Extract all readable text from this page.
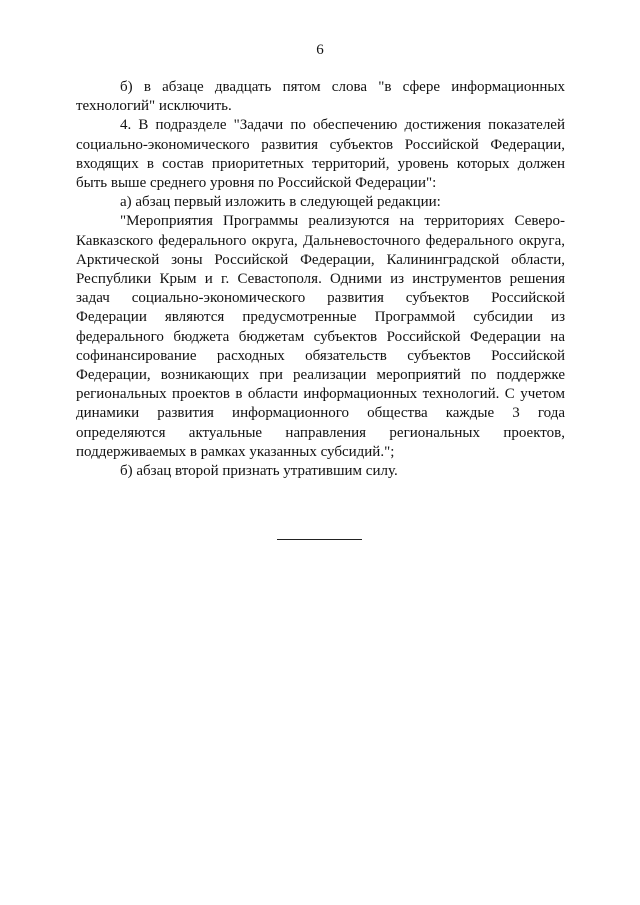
6

б) в абзаце двадцать пятом слова "в сфере информационных технологий" исключить.

4. В подразделе "Задачи по обеспечению достижения показателей социально-экономического развития субъектов Российской Федерации, входящих в состав приоритетных территорий, уровень которых должен быть выше среднего уровня по Российской Федерации":

а) абзац первый изложить в следующей редакции:

"Мероприятия Программы реализуются на территориях Северо-Кавказского федерального округа, Дальневосточного федерального округа, Арктической зоны Российской Федерации, Калининградской области, Республики Крым и г. Севастополя. Одними из инструментов решения задач социально-экономического развития субъектов Российской Федерации являются предусмотренные Программой субсидии из федерального бюджета бюджетам субъектов Российской Федерации на софинансирование расходных обязательств субъектов Российской Федерации, возникающих при реализации мероприятий по поддержке региональных проектов в области информационных технологий. С учетом динамики развития информационного общества каждые 3 года определяются актуальные направления региональных проектов, поддерживаемых в рамках указанных субсидий.";

б) абзац второй признать утратившим силу.
